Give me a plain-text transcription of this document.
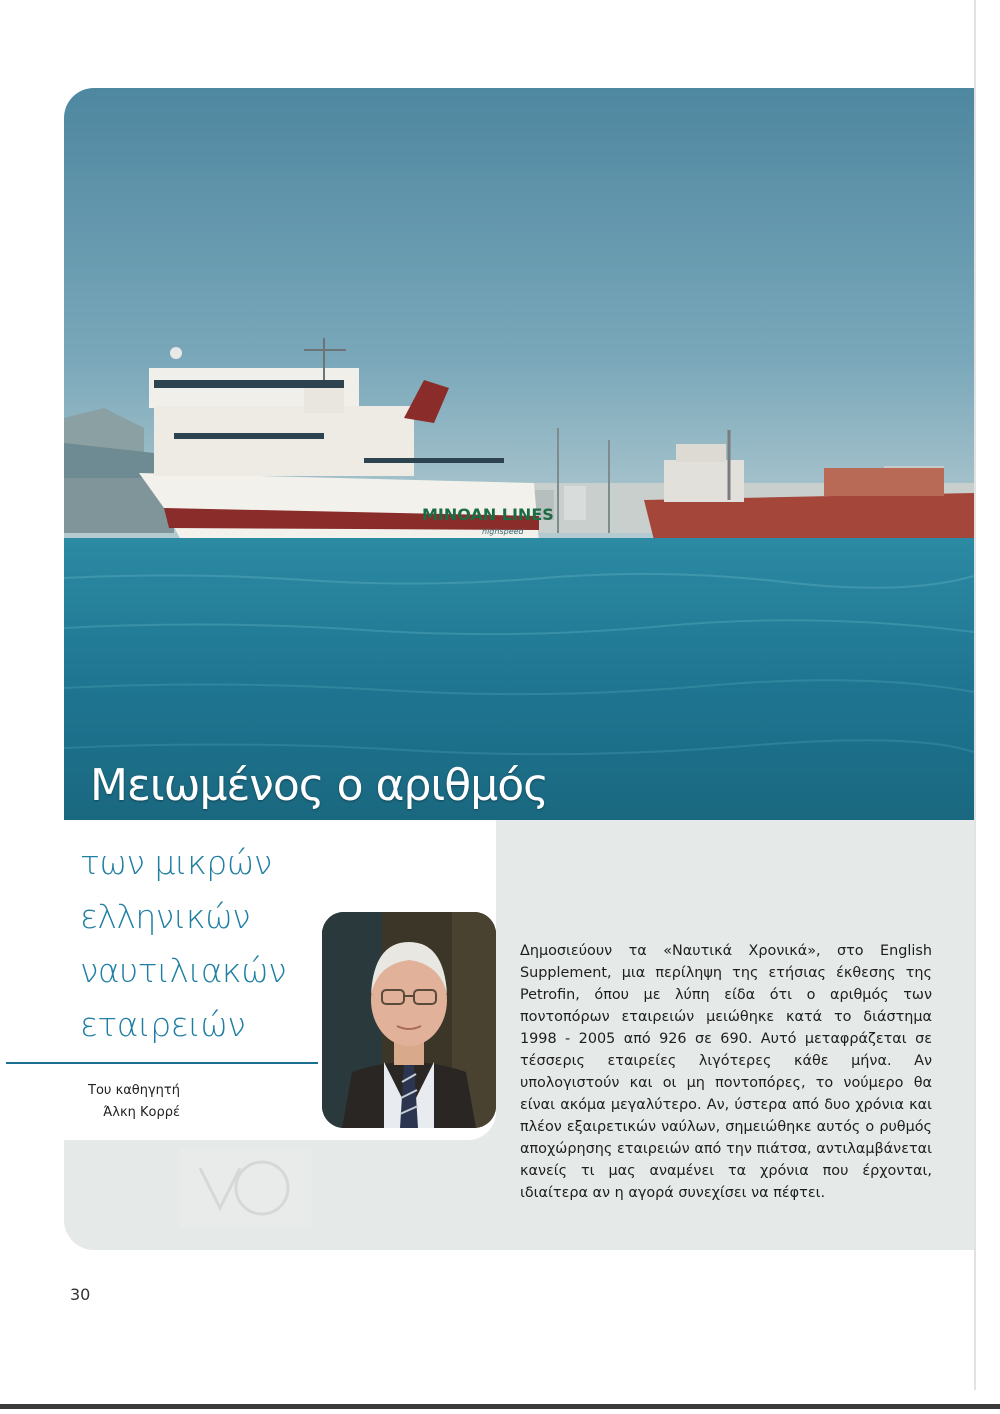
MINOAN LINES
highspeed
Μειωμένος ο αριθμός
των μικρών
ελληνικών
ναυτιλιακών
εταιρειών
Του καθηγητή
Άλκη Κορρέ
Δημοσιεύουν τα «Ναυτικά Χρονικά», στο English Supplement, μια περίληψη της ετήσιας έκθεσης της Petrofin, όπου με λύπη είδα ότι ο αριθμός των ποντοπόρων εταιρειών μειώθηκε κατά το διάστημα 1998 - 2005 από 926 σε 690. Αυτό μεταφράζεται σε τέσσερις εταιρείες λιγότερες κάθε μήνα. Αν υπολογιστούν και οι μη ποντοπόρες, το νούμερο θα είναι ακόμα μεγαλύτερο. Αν, ύστερα από δυο χρόνια και πλέον εξαιρετικών ναύλων, σημειώθηκε αυτός ο ρυθμός αποχώρησης εταιρειών από την πιάτσα, αντιλαμβάνεται κανείς τι μας αναμένει τα χρόνια που έρχονται, ιδιαίτερα αν η αγορά συνεχίσει να πέφτει.
30
